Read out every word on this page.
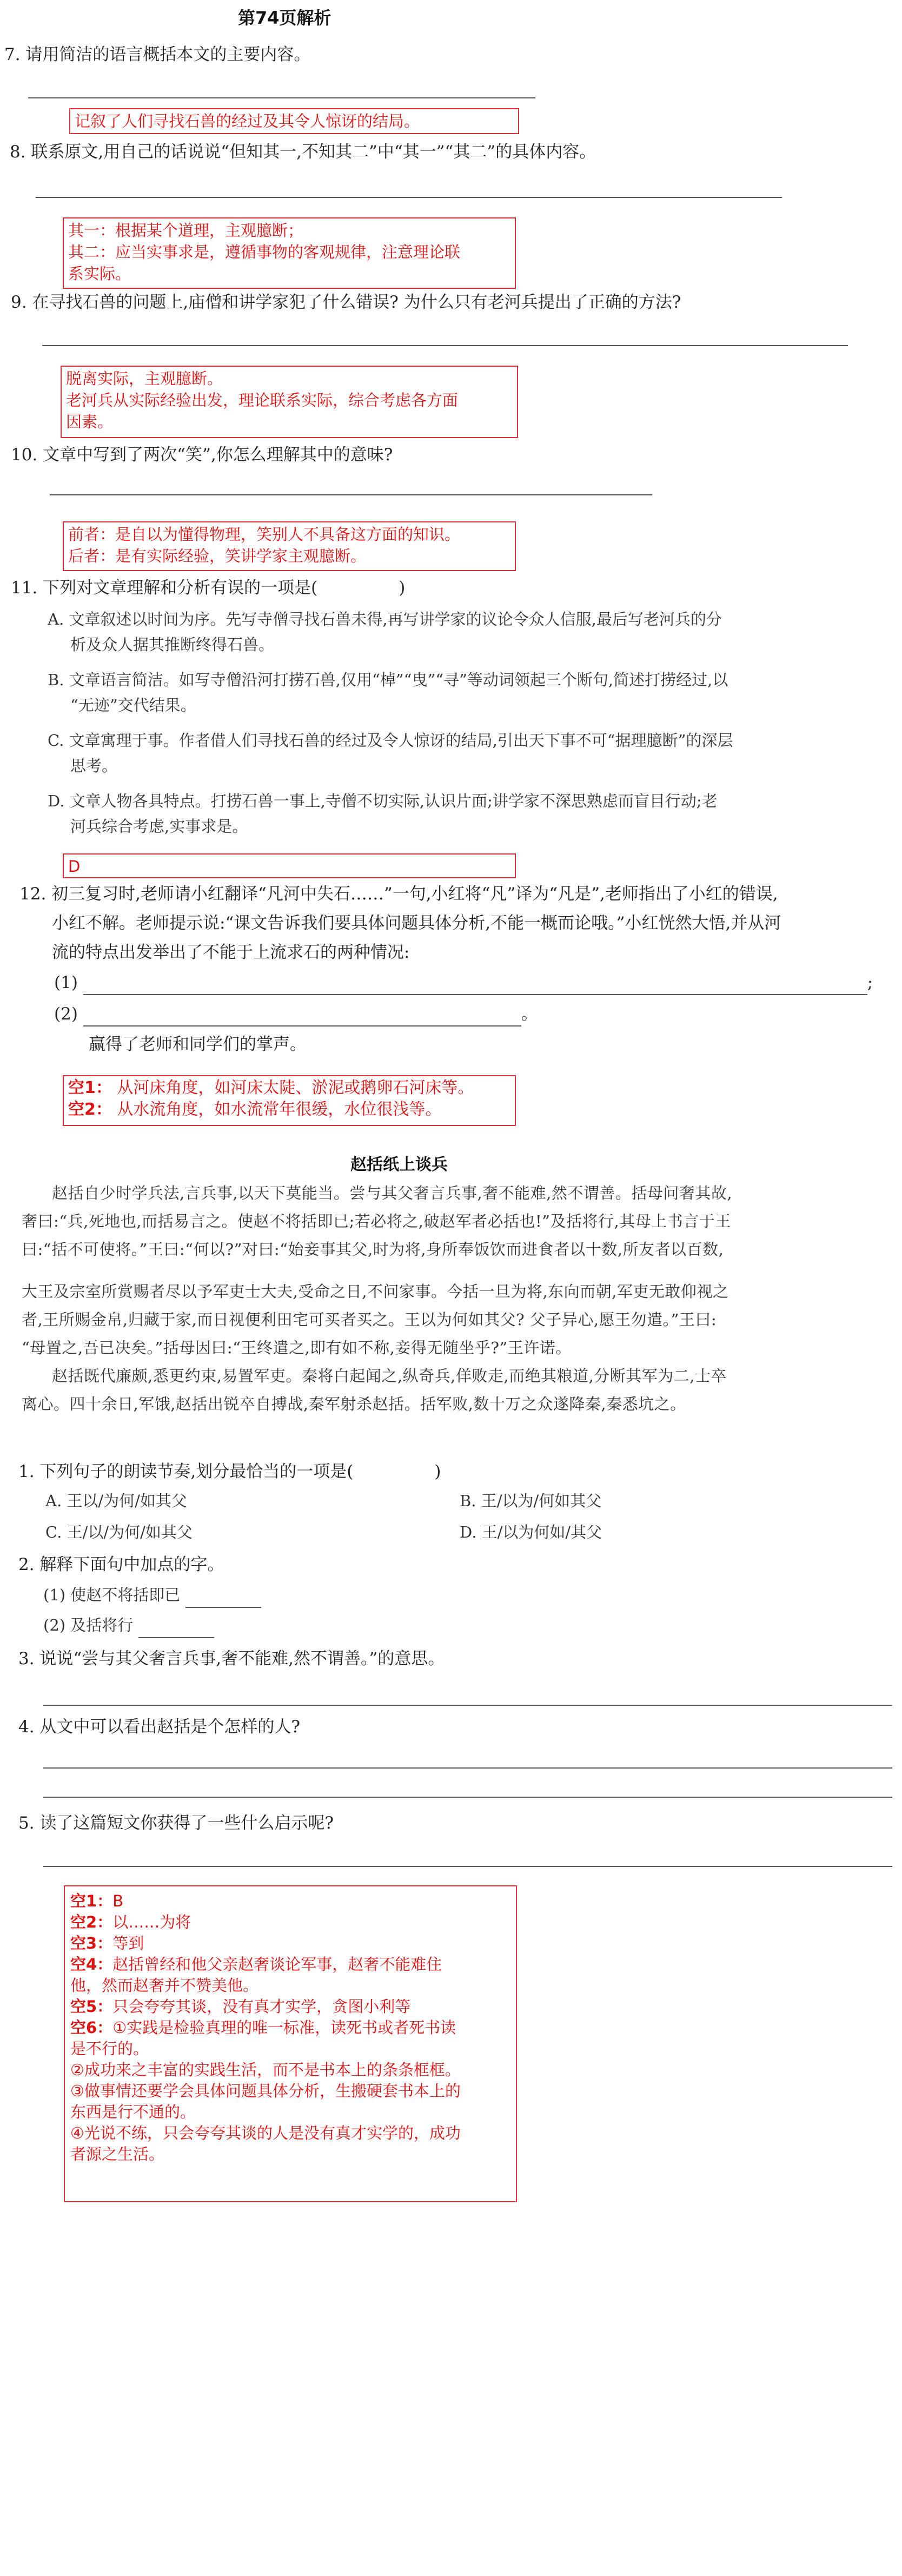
第74页解析
7. 请用简洁的语言概括本文的主要内容。
记叙了人们寻找石兽的经过及其令人惊讶的结局。
8. 联系原文,用自己的话说说“但知其一,不知其二”中“其一”“其二”的具体内容。
其一：根据某个道理，主观臆断；
其二：应当实事求是，遵循事物的客观规律，注意理论联
系实际。
9. 在寻找石兽的问题上,庙僧和讲学家犯了什么错误? 为什么只有老河兵提出了正确的方法?
脱离实际，主观臆断。
老河兵从实际经验出发，理论联系实际，综合考虑各方面
因素。
10. 文章中写到了两次“笑”,你怎么理解其中的意味?
前者：是自以为懂得物理，笑别人不具备这方面的知识。
后者：是有实际经验，笑讲学家主观臆断。
11. 下列对文章理解和分析有误的一项是(	)
A. 文章叙述以时间为序。先写寺僧寻找石兽未得,再写讲学家的议论令众人信服,最后写老河兵的分
析及众人据其推断终得石兽。
B. 文章语言简洁。如写寺僧沿河打捞石兽,仅用“棹”“曳”“寻”等动词领起三个断句,简述打捞经过,以
“无迹”交代结果。
C. 文章寓理于事。作者借人们寻找石兽的经过及令人惊讶的结局,引出天下事不可“据理臆断”的深层
思考。
D. 文章人物各具特点。打捞石兽一事上,寺僧不切实际,认识片面;讲学家不深思熟虑而盲目行动;老
河兵综合考虑,实事求是。
D
12. 初三复习时,老师请小红翻译“凡河中失石……”一句,小红将“凡”译为“凡是”,老师指出了小红的错误,
小红不解。老师提示说:“课文告诉我们要具体问题具体分析,不能一概而论哦。”小红恍然大悟,并从河
流的特点出发举出了不能于上流求石的两种情况:
(1)	;
(2)	。
赢得了老师和同学们的掌声。
空1： 从河床角度，如河床太陡、淤泥或鹅卵石河床等。
空2： 从水流角度，如水流常年很缓，水位很浅等。
赵括纸上谈兵
赵括自少时学兵法,言兵事,以天下莫能当。尝与其父奢言兵事,奢不能难,然不谓善。括母问奢其故,
奢曰:“兵,死地也,而括易言之。使赵不将括即已;若必将之,破赵军者必括也!”及括将行,其母上书言于王
曰:“括不可使将。”王曰:“何以?”对曰:“始妾事其父,时为将,身所奉饭饮而进食者以十数,所友者以百数,
大王及宗室所赏赐者尽以予军吏士大夫,受命之日,不问家事。今括一旦为将,东向而朝,军吏无敢仰视之
者,王所赐金帛,归藏于家,而日视便利田宅可买者买之。王以为何如其父? 父子异心,愿王勿遣。”王曰:
“母置之,吾已决矣。”括母因曰:“王终遣之,即有如不称,妾得无随坐乎?”王许诺。
赵括既代廉颇,悉更约束,易置军吏。秦将白起闻之,纵奇兵,佯败走,而绝其粮道,分断其军为二,士卒
离心。四十余日,军饿,赵括出锐卒自搏战,秦军射杀赵括。括军败,数十万之众遂降秦,秦悉坑之。
1. 下列句子的朗读节奏,划分最恰当的一项是(	)
A. 王以/为何/如其父	B. 王/以为/何如其父
C. 王/以/为何/如其父	D. 王/以为何如/其父
2. 解释下面句中加点的字。
(1) 使赵不将括即已
(2) 及括将行
3. 说说“尝与其父奢言兵事,奢不能难,然不谓善。”的意思。
4. 从文中可以看出赵括是个怎样的人?
5. 读了这篇短文你获得了一些什么启示呢?
空1：B
空2：以……为将
空3：等到
空4：赵括曾经和他父亲赵奢谈论军事，赵奢不能难住
他，然而赵奢并不赞美他。
空5：只会夸夸其谈，没有真才实学，贪图小利等
空6：①实践是检验真理的唯一标准，读死书或者死书读
是不行的。
②成功来之丰富的实践生活，而不是书本上的条条框框。
③做事情还要学会具体问题具体分析，生搬硬套书本上的
东西是行不通的。
④光说不练，只会夸夸其谈的人是没有真才实学的，成功
者源之生活。
